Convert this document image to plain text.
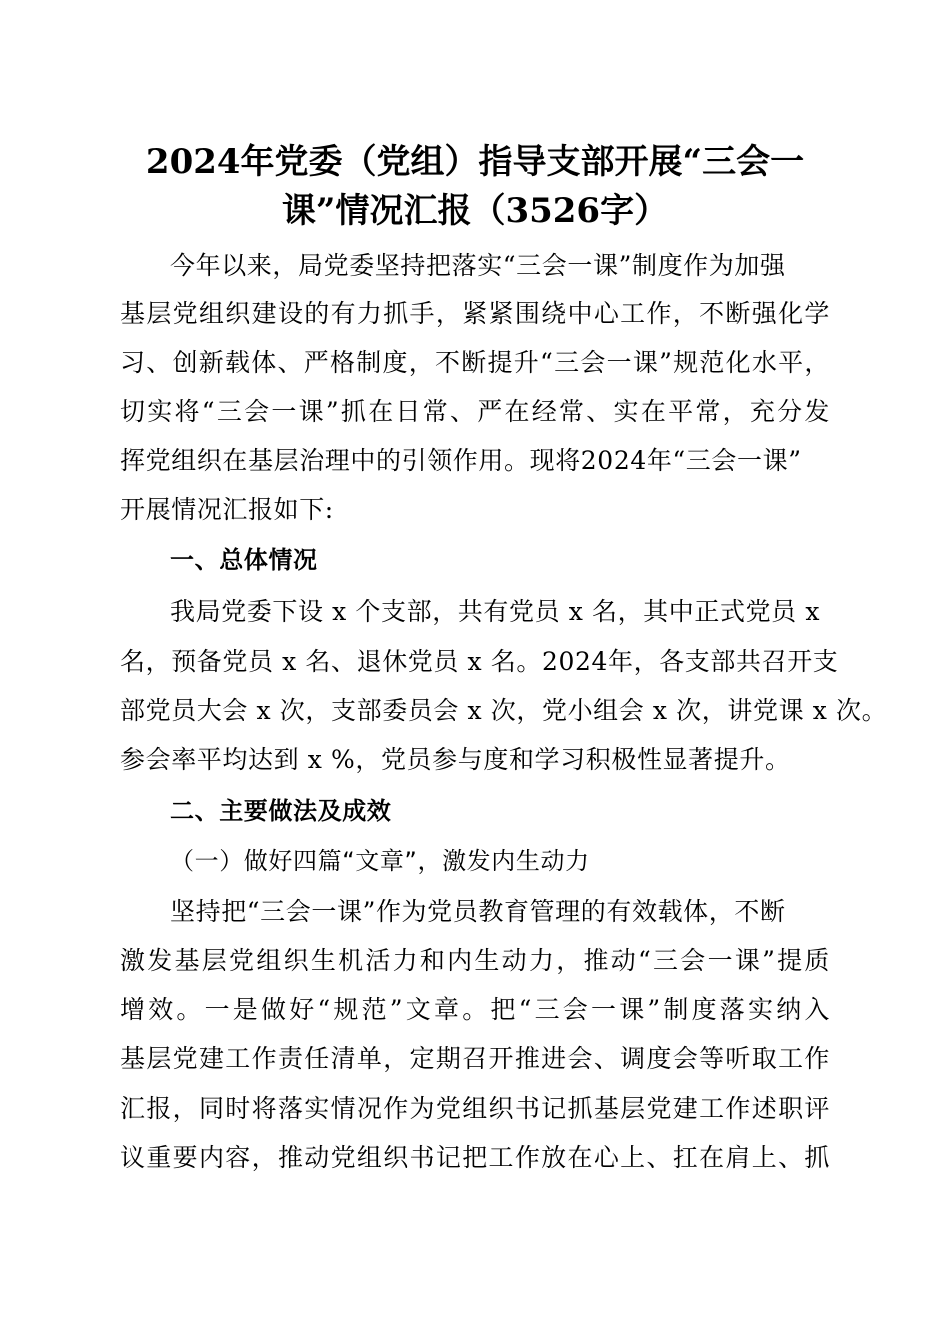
2024年党委（党组）指导支部开展“三会一
课”情况汇报（3526字）

今年以来，局党委坚持把落实“三会一课”制度作为加强

基层党组织建设的有力抓手，紧紧围绕中心工作，不断强化学

习、创新载体、严格制度，不断提升“三会一课”规范化水平，

切实将“三会一课”抓在日常、严在经常、实在平常，充分发

挥党组织在基层治理中的引领作用。现将2024年“三会一课”

开展情况汇报如下:

一、总体情况

我局党委下设 x 个支部，共有党员 x 名，其中正式党员 x

名，预备党员 x 名、退休党员 x 名。2024年，各支部共召开支

部党员大会 x 次，支部委员会 x 次，党小组会 x 次，讲党课 x 次。

参会率平均达到 x %，党员参与度和学习积极性显著提升。

二、主要做法及成效

（一）做好四篇“文章”，激发内生动力

坚持把“三会一课”作为党员教育管理的有效载体，不断

激发基层党组织生机活力和内生动力，推动“三会一课”提质

增效。一是做好“规范”文章。把“三会一课”制度落实纳入

基层党建工作责任清单，定期召开推进会、调度会等听取工作

汇报，同时将落实情况作为党组织书记抓基层党建工作述职评

议重要内容，推动党组织书记把工作放在心上、扛在肩上、抓
